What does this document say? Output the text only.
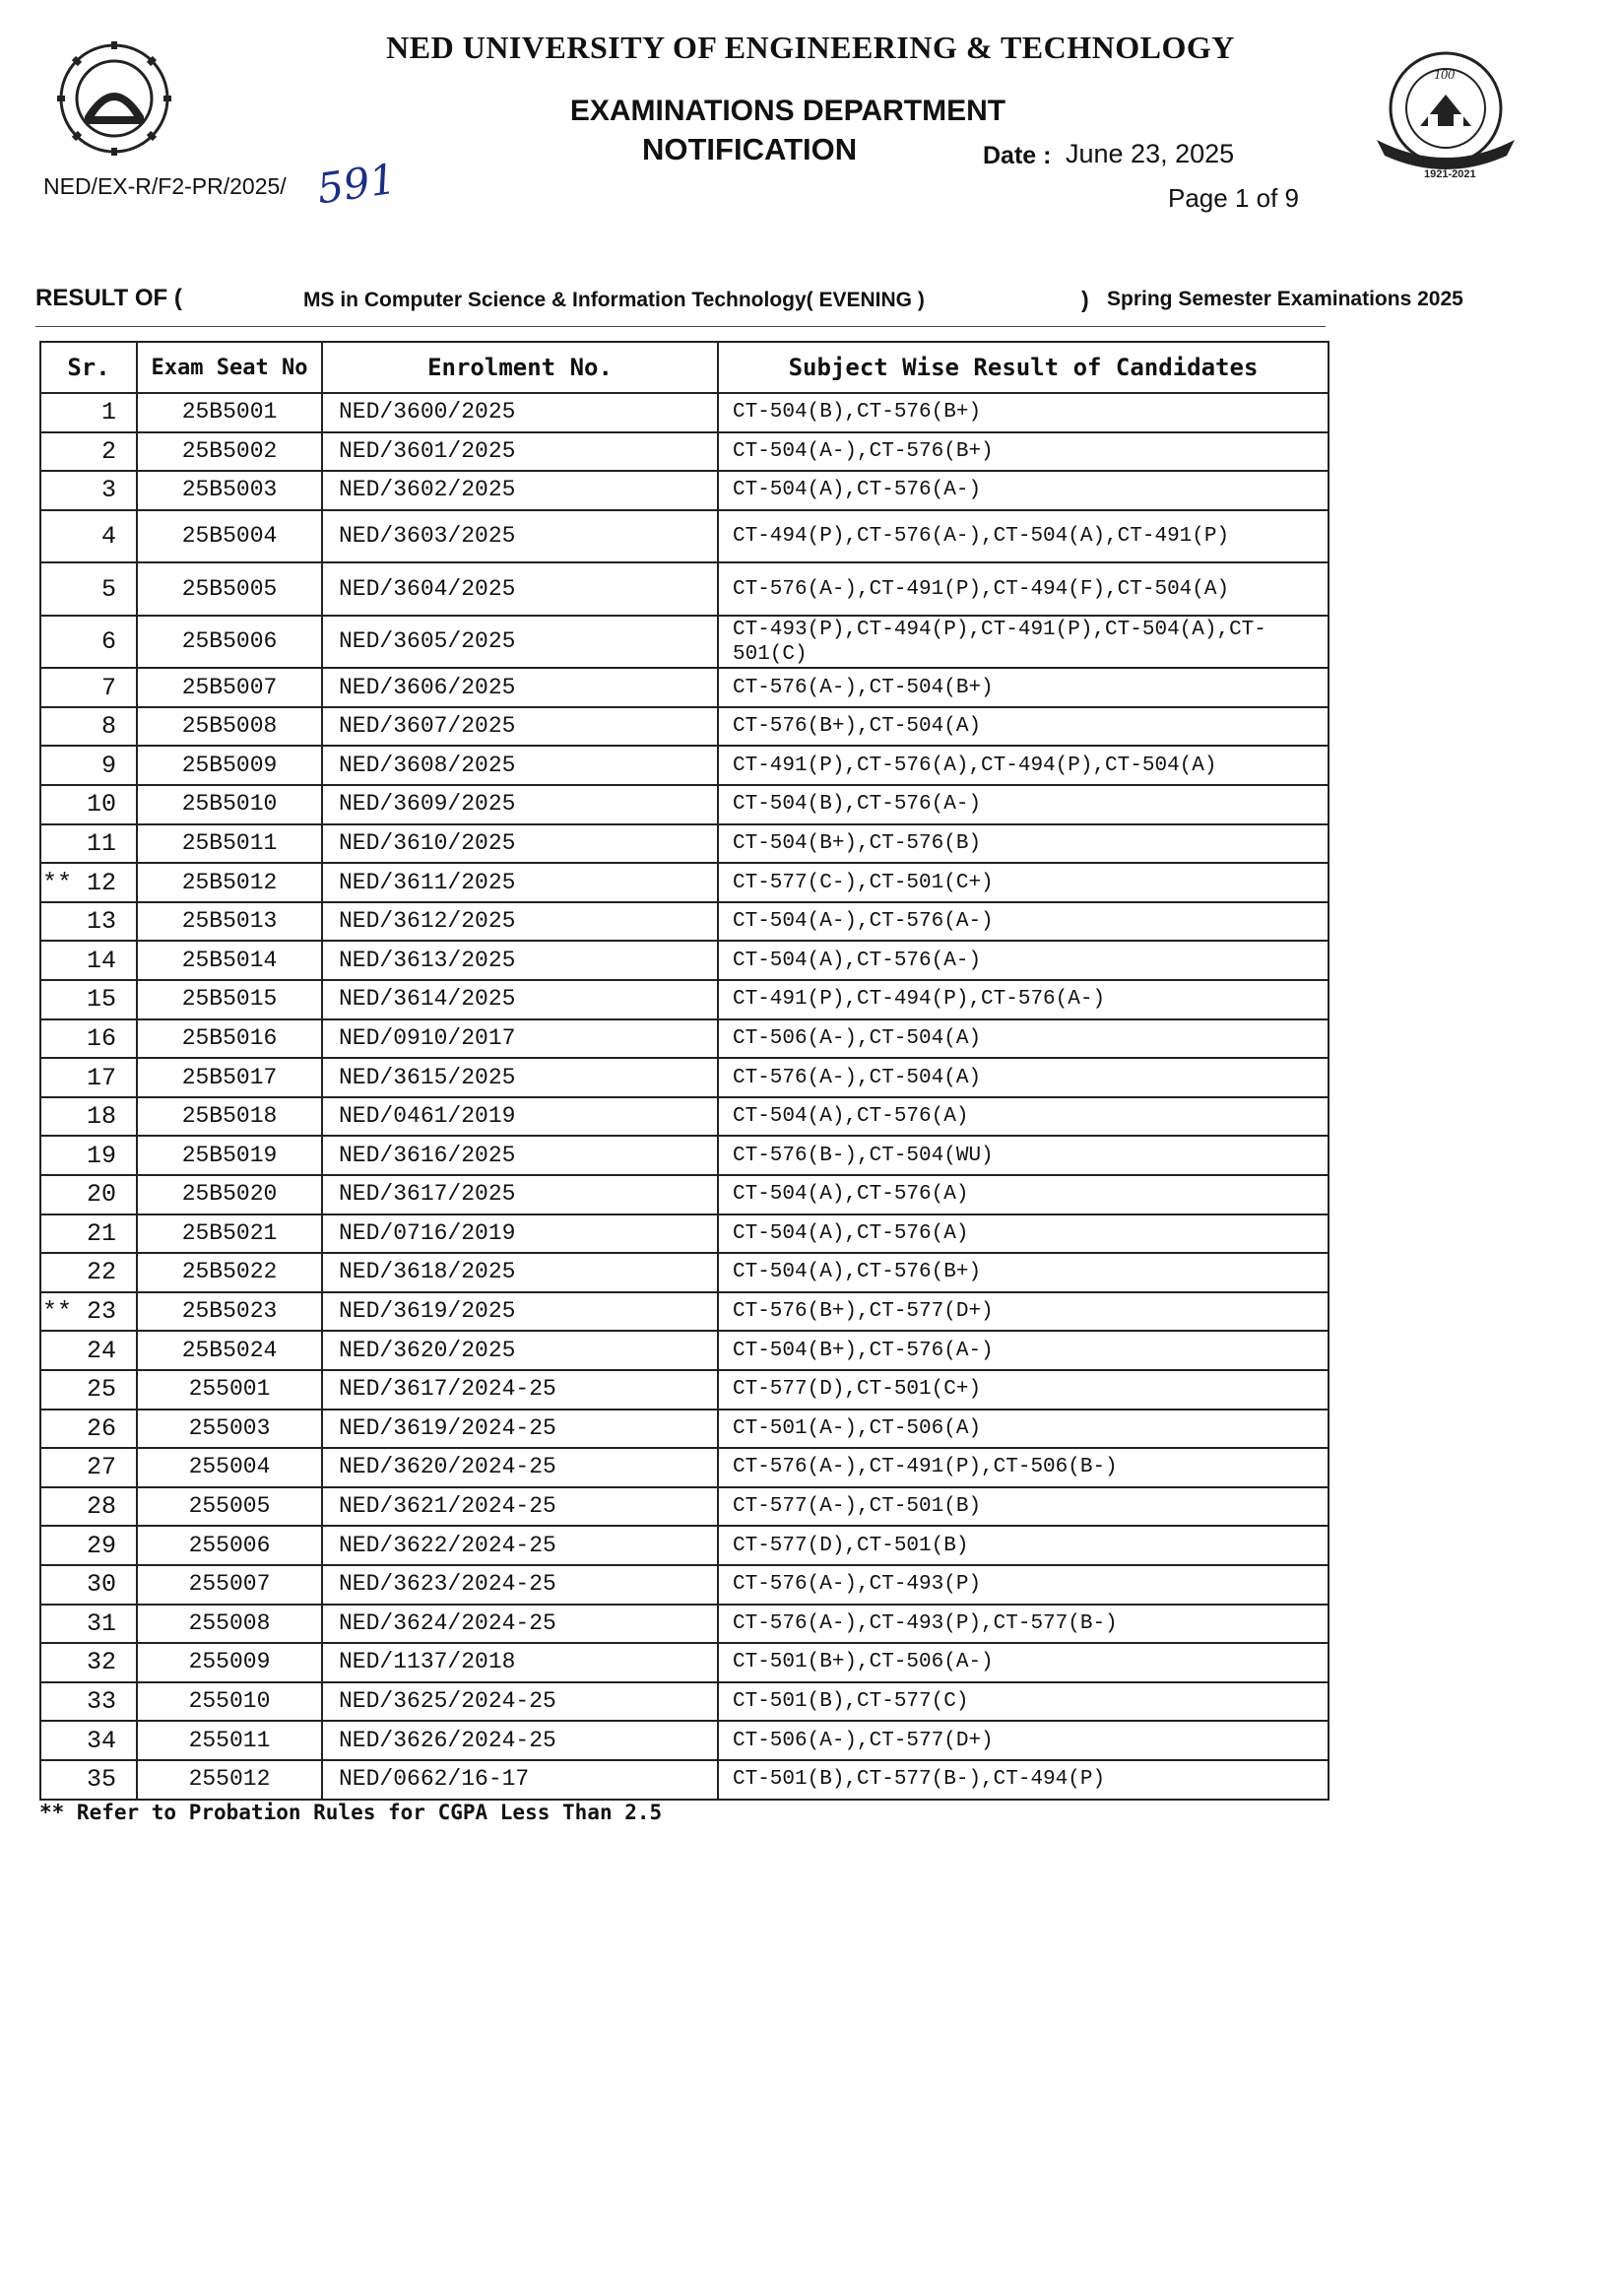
100
1921-2021
NED UNIVERSITY OF ENGINEERING & TECHNOLOGY
EXAMINATIONS DEPARTMENT
NOTIFICATION
NED/EX-R/F2-PR/2025/ 591	Date : June 23, 2025
Page 1 of 9
RESULT OF (	MS in Computer Science & Information Technology( EVENING )	) Spring Semester Examinations 2025
Sr.	Exam Seat No	Enrolment No.	Subject Wise Result of Candidates
1	25B5001	NED/3600/2025	CT-504(B),CT-576(B+)
2	25B5002	NED/3601/2025	CT-504(A-),CT-576(B+)
3	25B5003	NED/3602/2025	CT-504(A),CT-576(A-)
4	25B5004	NED/3603/2025	CT-494(P),CT-576(A-),CT-504(A),CT-491(P)
5	25B5005	NED/3604/2025	CT-576(A-),CT-491(P),CT-494(F),CT-504(A)
6	25B5006	NED/3605/2025	CT-493(P),CT-494(P),CT-491(P),CT-504(A),CT-501(C)
7	25B5007	NED/3606/2025	CT-576(A-),CT-504(B+)
8	25B5008	NED/3607/2025	CT-576(B+),CT-504(A)
9	25B5009	NED/3608/2025	CT-491(P),CT-576(A),CT-494(P),CT-504(A)
10	25B5010	NED/3609/2025	CT-504(B),CT-576(A-)
11	25B5011	NED/3610/2025	CT-504(B+),CT-576(B)
** 12	25B5012	NED/3611/2025	CT-577(C-),CT-501(C+)
13	25B5013	NED/3612/2025	CT-504(A-),CT-576(A-)
14	25B5014	NED/3613/2025	CT-504(A),CT-576(A-)
15	25B5015	NED/3614/2025	CT-491(P),CT-494(P),CT-576(A-)
16	25B5016	NED/0910/2017	CT-506(A-),CT-504(A)
17	25B5017	NED/3615/2025	CT-576(A-),CT-504(A)
18	25B5018	NED/0461/2019	CT-504(A),CT-576(A)
19	25B5019	NED/3616/2025	CT-576(B-),CT-504(WU)
20	25B5020	NED/3617/2025	CT-504(A),CT-576(A)
21	25B5021	NED/0716/2019	CT-504(A),CT-576(A)
22	25B5022	NED/3618/2025	CT-504(A),CT-576(B+)
** 23	25B5023	NED/3619/2025	CT-576(B+),CT-577(D+)
24	25B5024	NED/3620/2025	CT-504(B+),CT-576(A-)
25	255001	NED/3617/2024-25	CT-577(D),CT-501(C+)
26	255003	NED/3619/2024-25	CT-501(A-),CT-506(A)
27	255004	NED/3620/2024-25	CT-576(A-),CT-491(P),CT-506(B-)
28	255005	NED/3621/2024-25	CT-577(A-),CT-501(B)
29	255006	NED/3622/2024-25	CT-577(D),CT-501(B)
30	255007	NED/3623/2024-25	CT-576(A-),CT-493(P)
31	255008	NED/3624/2024-25	CT-576(A-),CT-493(P),CT-577(B-)
32	255009	NED/1137/2018	CT-501(B+),CT-506(A-)
33	255010	NED/3625/2024-25	CT-501(B),CT-577(C)
34	255011	NED/3626/2024-25	CT-506(A-),CT-577(D+)
35	255012	NED/0662/16-17	CT-501(B),CT-577(B-),CT-494(P)
** Refer to Probation Rules for CGPA Less Than 2.5
